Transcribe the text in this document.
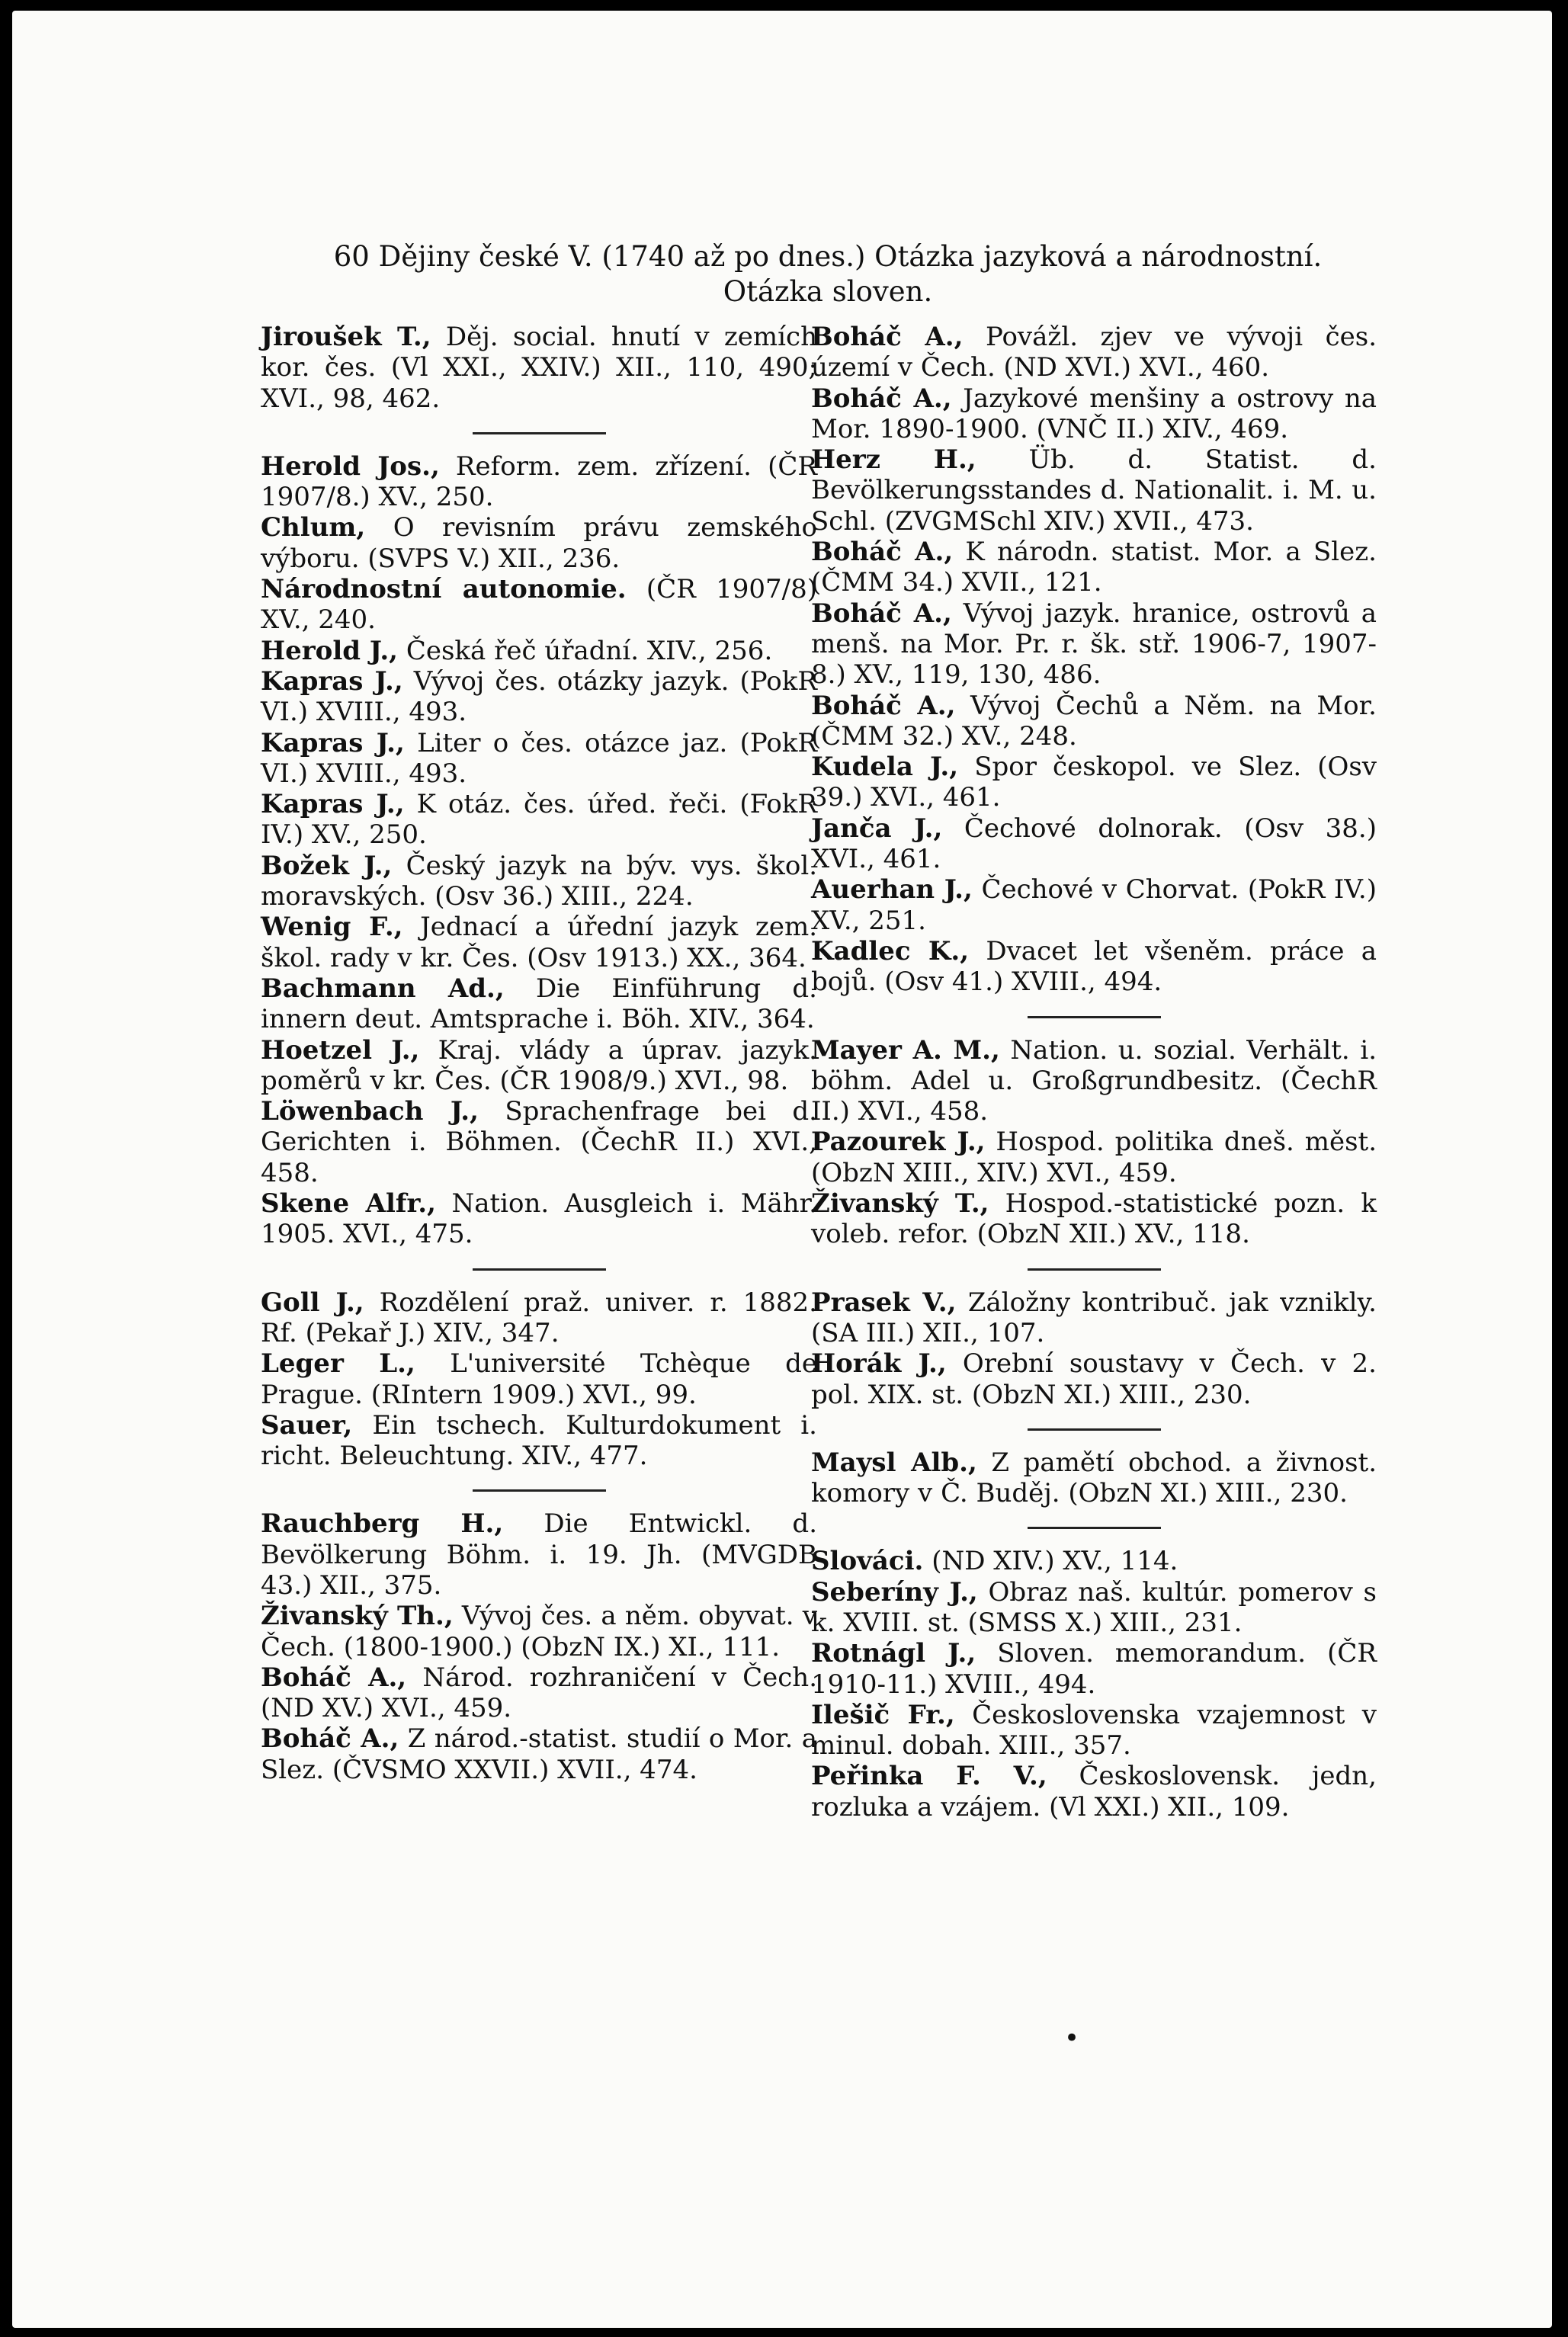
60 Dějiny české V. (1740 až po dnes.) Otázka jazyková a národnostní.
Otázka sloven.

Jiroušek T., Děj. social. hnutí v zemích kor. čes. (Vl XXI., XXIV.) XII., 110, 490; XVI., 98, 462.

Herold Jos., Reform. zem. zřízení. (ČR 1907/8.) XV., 250.

Chlum, O revisním právu zemského výboru. (SVPS V.) XII., 236.

Národnostní autonomie. (ČR 1907/8) XV., 240.

Herold J., Česká řeč úřadní. XIV., 256.

Kapras J., Vývoj čes. otázky jazyk. (PokR VI.) XVIII., 493.

Kapras J., Liter o čes. otázce jaz. (PokR VI.) XVIII., 493.

Kapras J., K otáz. čes. úřed. řeči. (FokR IV.) XV., 250.

Božek J., Český jazyk na býv. vys. škol. moravských. (Osv 36.) XIII., 224.

Wenig F., Jednací a úřední jazyk zem. škol. rady v kr. Čes. (Osv 1913.) XX., 364.

Bachmann Ad., Die Einführung d. innern deut. Amtsprache i. Böh. XIV., 364.

Hoetzel J., Kraj. vlády a úprav. jazyk. poměrů v kr. Čes. (ČR 1908/9.) XVI., 98.

Löwenbach J., Sprachenfrage bei d. Gerichten i. Böhmen. (ČechR II.) XVI., 458.

Skene Alfr., Nation. Ausgleich i. Mähr. 1905. XVI., 475.

Goll J., Rozdělení praž. univer. r. 1882. Rf. (Pekař J.) XIV., 347.

Leger L., L'université Tchèque de Prague. (RIntern 1909.) XVI., 99.

Sauer, Ein tschech. Kulturdokument i. richt. Beleuchtung. XIV., 477.

Rauchberg H., Die Entwickl. d. Bevölkerung Böhm. i. 19. Jh. (MVGDB 43.) XII., 375.

Živanský Th., Vývoj čes. a něm. obyvat. v Čech. (1800-1900.) (ObzN IX.) XI., 111.

Boháč A., Národ. rozhraničení v Čech. (ND XV.) XVI., 459.

Boháč A., Z národ.-statist. studií o Mor. a Slez. (ČVSMO XXVII.) XVII., 474.

Boháč A., Povážl. zjev ve vývoji čes. území v Čech. (ND XVI.) XVI., 460.

Boháč A., Jazykové menšiny a ostrovy na Mor. 1890-1900. (VNČ II.) XIV., 469.

Herz H., Üb. d. Statist. d. Bevölkerungsstandes d. Nationalit. i. M. u. Schl. (ZVGMSchl XIV.) XVII., 473.

Boháč A., K národn. statist. Mor. a Slez. (ČMM 34.) XVII., 121.

Boháč A., Vývoj jazyk. hranice, ostrovů a menš. na Mor. Pr. r. šk. stř. 1906-7, 1907-8.) XV., 119, 130, 486.

Boháč A., Vývoj Čechů a Něm. na Mor. (ČMM 32.) XV., 248.

Kudela J., Spor českopol. ve Slez. (Osv 39.) XVI., 461.

Janča J., Čechové dolnorak. (Osv 38.) XVI., 461.

Auerhan J., Čechové v Chorvat. (PokR IV.) XV., 251.

Kadlec K., Dvacet let všeněm. práce a bojů. (Osv 41.) XVIII., 494.

Mayer A. M., Nation. u. sozial. Verhält. i. böhm. Adel u. Großgrundbesitz. (ČechR II.) XVI., 458.

Pazourek J., Hospod. politika dneš. měst. (ObzN XIII., XIV.) XVI., 459.

Živanský T., Hospod.-statistické pozn. k voleb. refor. (ObzN XII.) XV., 118.

Prasek V., Záložny kontribuč. jak vznikly. (SA III.) XII., 107.

Horák J., Orební soustavy v Čech. v 2. pol. XIX. st. (ObzN XI.) XIII., 230.

Maysl Alb., Z pamětí obchod. a živnost. komory v Č. Buděj. (ObzN XI.) XIII., 230.

Slováci. (ND XIV.) XV., 114.

Seberíny J., Obraz naš. kultúr. pomerov s k. XVIII. st. (SMSS X.) XIII., 231.

Rotnágl J., Sloven. memorandum. (ČR 1910-11.) XVIII., 494.

Ilešič Fr., Československa vzajemnost v minul. dobah. XIII., 357.

Peřinka F. V., Československ. jedn, rozluka a vzájem. (Vl XXI.) XII., 109.

•
